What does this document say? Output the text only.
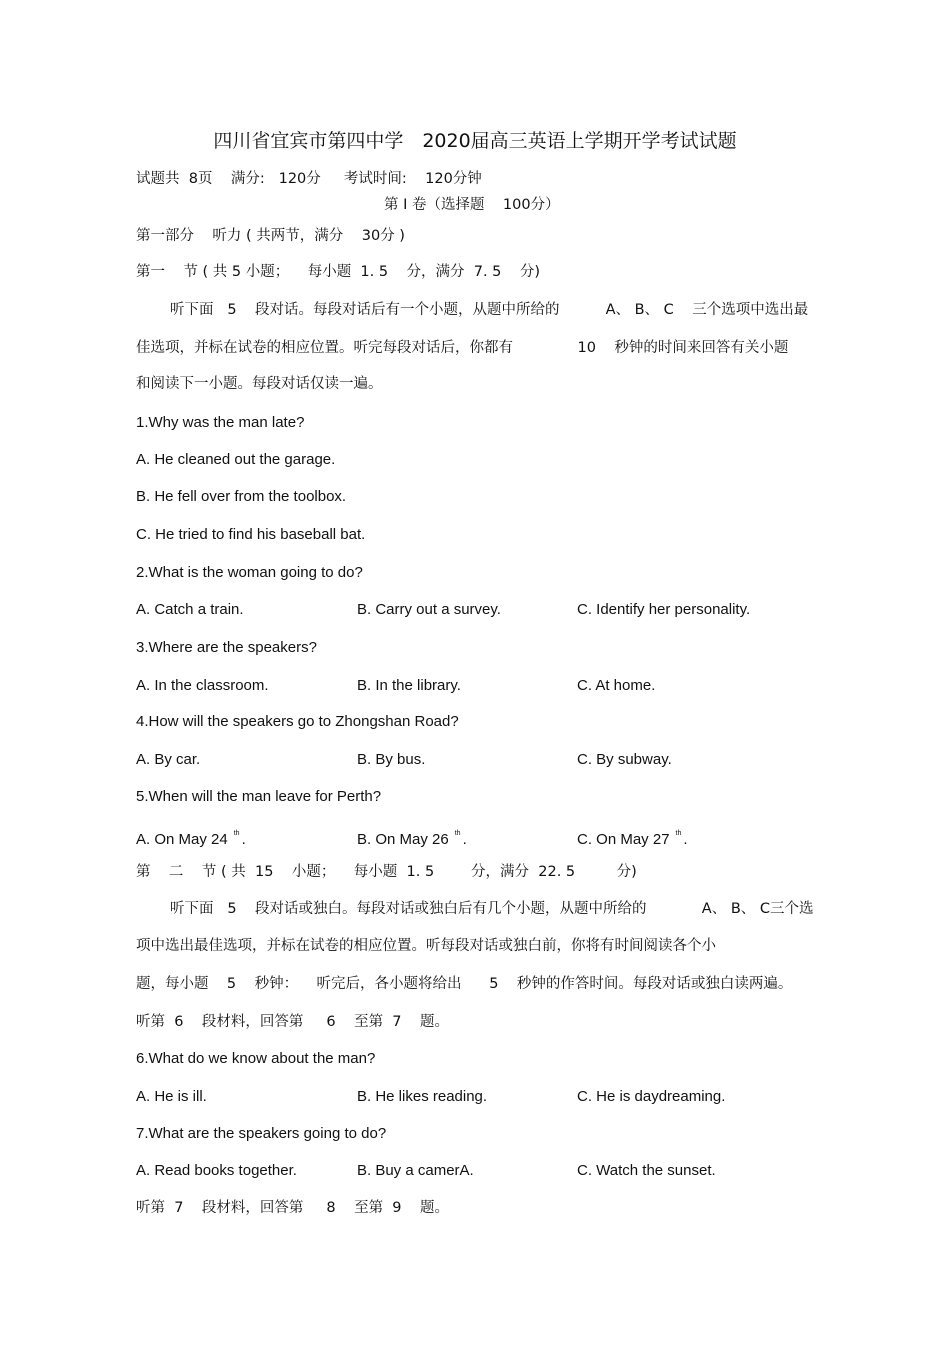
四川省宜宾市第四中学　2020届高三英语上学期开学考试试题
试题共  8页    满分:   120分     考试时间:    120分钟
第 Ⅰ 卷（选择题    100分）
第一部分    听力 ( 共两节，满分    30分 )
第一    节 ( 共 5 小题；    每小题  1. 5    分，满分  7. 5    分)
听下面   5    段对话。每段对话后有一个小题，从题中所给的          A、 B、 C    三个选项中选出最
佳选项，并标在试卷的相应位置。听完每段对话后，你都有              10    秒钟的时间来回答有关小题
和阅读下一小题。每段对话仅读一遍。
1.Why was the man late?
A. He cleaned out the garage.
B. He fell over from the toolbox.
C. He tried to find his baseball bat.
2.What is the woman going to do?
A. Catch a train.	B. Carry out a survey.	C. Identify her personality.
3.Where are the speakers?
A. In the classroom.	B. In the library.	C. At home.
4.How will the speakers go to Zhongshan Road?
A. By car.	B. By bus.	C. By subway.
5.When will the man leave for Perth?
A. On May 24 $^{th}$ .	B. On May 26 $^{th}$ .	C. On May 27 $^{th}$ .
第    二    节 ( 共  15    小题；    每小题  1. 5        分，满分  22. 5         分)
听下面   5    段对话或独白。每段对话或独白后有几个小题，从题中所给的            A、 B、 C三个选
项中选出最佳选项，并标在试卷的相应位置。听每段对话或独白前，你将有时间阅读各个小
题，每小题    5    秒钟：    听完后，各小题将给出      5    秒钟的作答时间。每段对话或独白读两遍。
听第  6    段材料，回答第     6    至第  7    题。
6.What do we know about the man?
A. He is ill.	B. He likes reading.	C. He is daydreaming.
7.What are the speakers going to do?
A. Read books together.	B. Buy a camerA.	C. Watch the sunset.
听第  7    段材料，回答第     8    至第  9    题。
